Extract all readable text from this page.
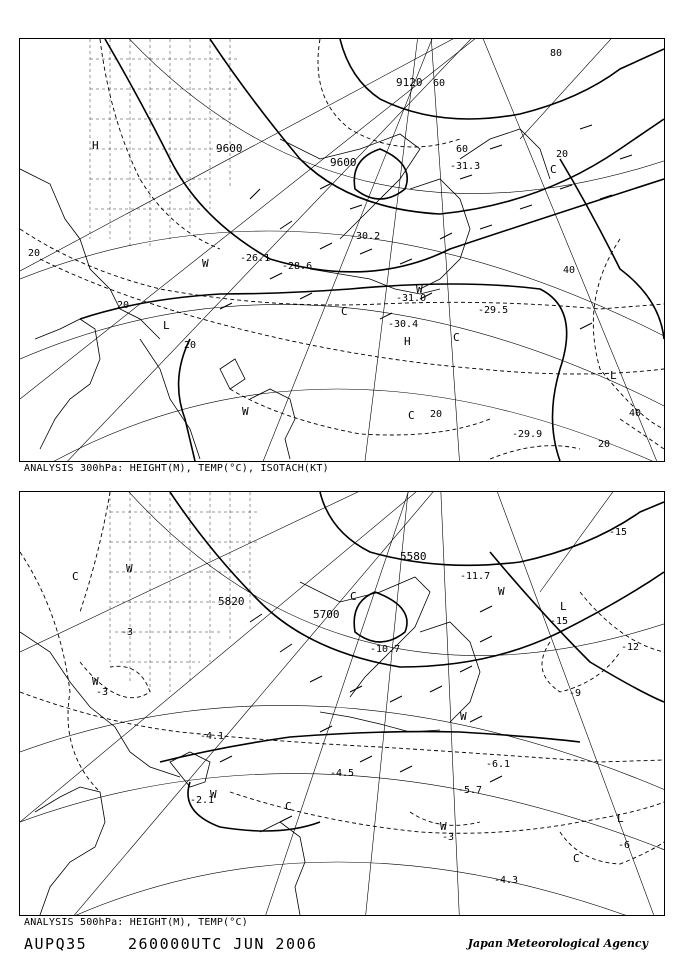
9600
9600
9120
20
20
20
20
20
20
40
40
60
60
80
-29.5
-30.4
-31.3
-29.9
-26.1
-30.2
-31.0
-28.6
H
H
L
L
C
C
C
C
W
W
W
ANALYSIS 300hPa: HEIGHT(M), TEMP(°C), ISOTACH(KT)
5580
5700
5820
-15
-15
-12
-9
-3
-3
-6
-3
-4.1
-5.7
-4.3
-2.1
-10.7
-11.7
-4.5
-6.1
L
L
C
C
C
C
W
W
W
W
W
W
ANALYSIS 500hPa: HEIGHT(M), TEMP(°C)
AUPQ35	260000UTC JUN 2006	Japan Meteorological Agency
